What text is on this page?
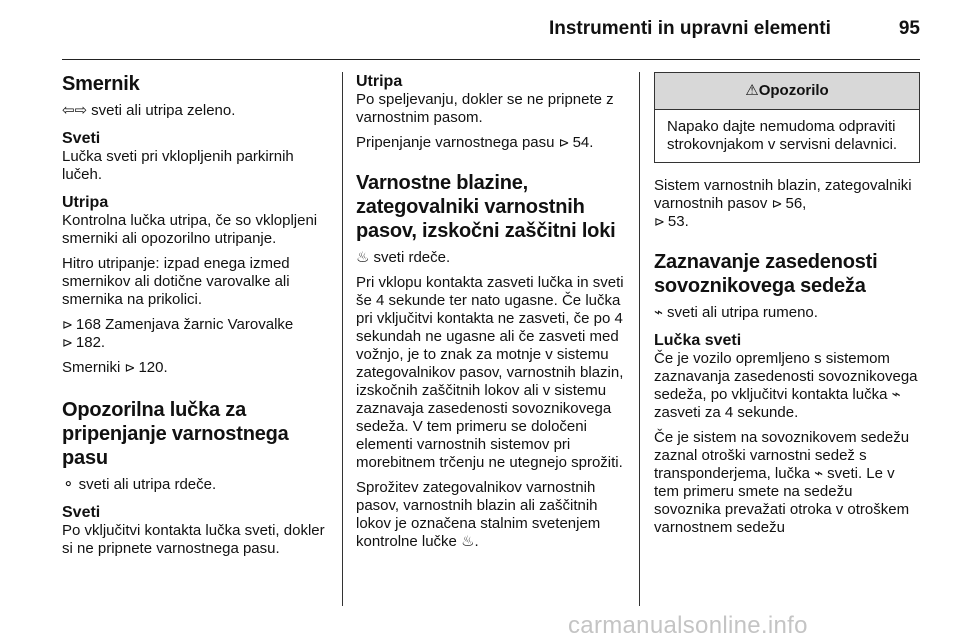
Instrumenti in upravni elementi	95
Smernik

⇦⇨ sveti ali utripa zeleno.

Sveti

Lučka sveti pri vklopljenih parkirnih lučeh.

Utripa

Kontrolna lučka utripa, če so vklopljeni smerniki ali opozorilno utripanje.

Hitro utripanje: izpad enega izmed smernikov ali dotične varovalke ali smernika na prikolici.

⊳ 168 Zamenjava žarnic Varovalke
⊳ 182.

Smerniki ⊳ 120.

Opozorilna lučka za pripenjanje varnostnega pasu

⚬ sveti ali utripa rdeče.

Sveti

Po vključitvi kontakta lučka sveti, dokler si ne pripnete varnostnega pasu.

Utripa

Po speljevanju, dokler se ne pripnete z varnostnim pasom.

Pripenjanje varnostnega pasu ⊳ 54.

Varnostne blazine, zategovalniki varnostnih pasov, izskočni zaščitni loki

♨ sveti rdeče.

Pri vklopu kontakta zasveti lučka in sveti še 4 sekunde ter nato ugasne. Če lučka pri vključitvi kontakta ne zasveti, če po 4 sekundah ne ugasne ali če zasveti med vožnjo, je to znak za motnje v sistemu zategovalnikov pasov, varnostnih blazin, izskočnih zaščitnih lokov ali v sistemu zaznavaja zasedenosti sovoznikovega sedeža. V tem primeru se določeni elementi varnostnih sistemov pri morebitnem trčenju ne utegnejo sprožiti.

Sprožitev zategovalnikov varnostnih pasov, varnostnih blazin ali zaščitnih lokov je označena stalnim svetenjem kontrolne lučke ♨.

⚠Opozorilo
Napako dajte nemudoma odpraviti strokovnjakom v servisni delavnici.

Sistem varnostnih blazin, zategovalniki varnostnih pasov ⊳ 56,
⊳ 53.

Zaznavanje zasedenosti sovoznikovega sedeža

⌁ sveti ali utripa rumeno.

Lučka sveti

Če je vozilo opremljeno s sistemom zaznavanja zasedenosti sovoznikovega sedeža, po vključitvi kontakta lučka ⌁zasveti za 4 sekunde.

Če je sistem na sovoznikovem sedežu zaznal otroški varnostni sedež s transponderjema, lučka ⌁ sveti. Le v tem primeru smete na sedežu sovoznika prevažati otroka v otroškem varnostnem sedežu

carmanualsonline.info
